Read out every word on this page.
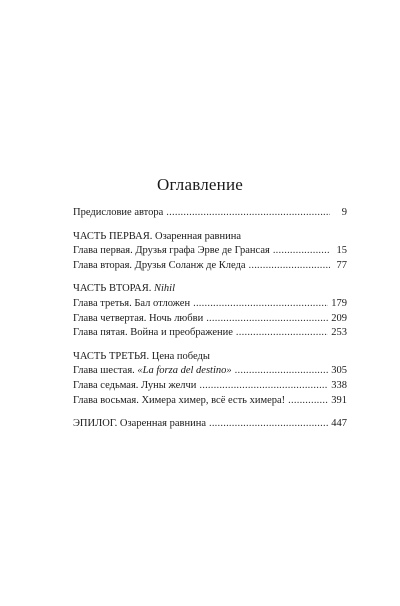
Оглавление
Предисловие автора . . .	9
ЧАСТЬ ПЕРВАЯ. Озаренная равнина
Глава первая. Друзья графа Эрве де Грансая . . .	15
Глава вторая. Друзья Соланж де Кледа . . .	77
ЧАСТЬ ВТОРАЯ. Nihil
Глава третья. Бал отложен . . .	179
Глава четвертая. Ночь любви . . .	209
Глава пятая. Война и преображение . . .	253
ЧАСТЬ ТРЕТЬЯ. Цена победы
Глава шестая. «La forza del destino» . . .	305
Глава седьмая. Луны желчи . . .	338
Глава восьмая. Химера химер, всё есть химера! . . .	391
ЭПИЛОГ. Озаренная равнина . . .	447
